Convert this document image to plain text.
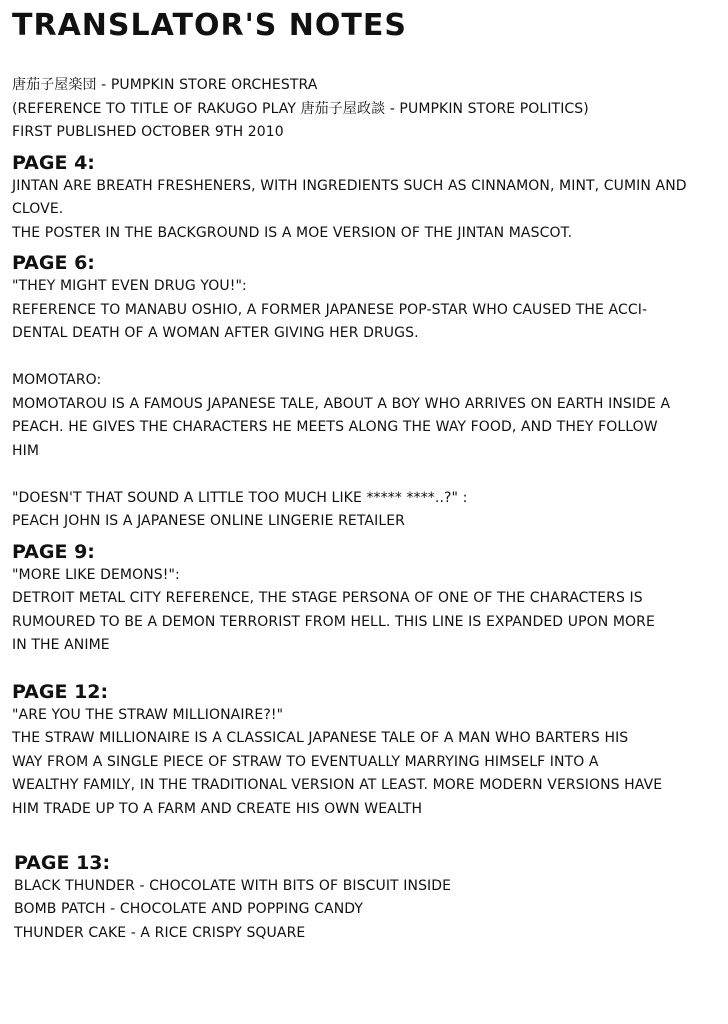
TRANSLATOR'S NOTES
唐茄子屋楽団 - PUMPKIN STORE ORCHESTRA
(REFERENCE TO TITLE OF RAKUGO PLAY 唐茄子屋政談 - PUMPKIN STORE POLITICS)
FIRST PUBLISHED OCTOBER 9TH 2010
PAGE 4:
JINTAN ARE BREATH FRESHENERS, WITH INGREDIENTS SUCH AS CINNAMON, MINT, CUMIN AND
CLOVE.
THE POSTER IN THE BACKGROUND IS A MOE VERSION OF THE JINTAN MASCOT.
PAGE 6:
"THEY MIGHT EVEN DRUG YOU!":
REFERENCE TO MANABU OSHIO, A FORMER JAPANESE POP-STAR WHO CAUSED THE ACCI-
DENTAL DEATH OF A WOMAN AFTER GIVING HER DRUGS.
MOMOTARO:
MOMOTAROU IS A FAMOUS JAPANESE TALE, ABOUT A BOY WHO ARRIVES ON EARTH INSIDE A
PEACH. HE GIVES THE CHARACTERS HE MEETS ALONG THE WAY FOOD, AND THEY FOLLOW
HIM
"DOESN'T THAT SOUND A LITTLE TOO MUCH LIKE ***** ****..?" :
PEACH JOHN IS A JAPANESE ONLINE LINGERIE RETAILER
PAGE 9:
"MORE LIKE DEMONS!":
DETROIT METAL CITY REFERENCE, THE STAGE PERSONA OF ONE OF THE CHARACTERS IS
RUMOURED TO BE A DEMON TERRORIST FROM HELL. THIS LINE IS EXPANDED UPON MORE
IN THE ANIME
PAGE 12:
"ARE YOU THE STRAW MILLIONAIRE?!"
THE STRAW MILLIONAIRE IS A CLASSICAL JAPANESE TALE OF A MAN WHO BARTERS HIS
WAY FROM A SINGLE PIECE OF STRAW TO EVENTUALLY MARRYING HIMSELF INTO A
WEALTHY FAMILY, IN THE TRADITIONAL VERSION AT LEAST. MORE MODERN VERSIONS HAVE
HIM TRADE UP TO A FARM AND CREATE HIS OWN WEALTH
PAGE 13:
BLACK THUNDER - CHOCOLATE WITH BITS OF BISCUIT INSIDE
BOMB PATCH - CHOCOLATE AND POPPING CANDY
THUNDER CAKE - A RICE CRISPY SQUARE
